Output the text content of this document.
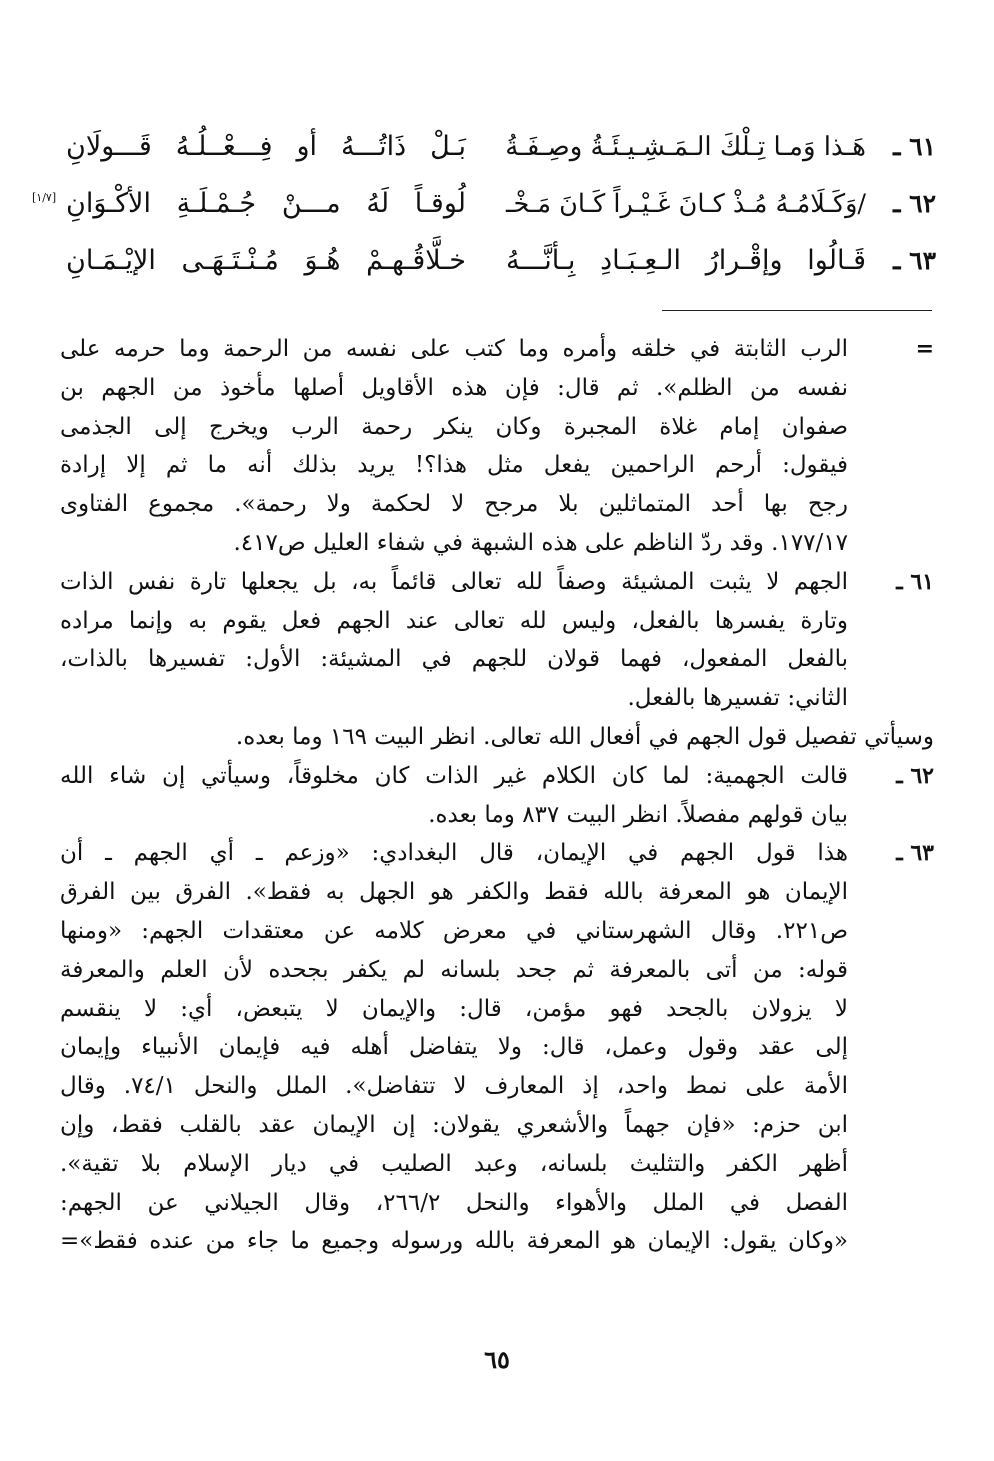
٦١ ـ
هَـذا وَمـا تِـلْكَ الـمَـشِـيـئَـةُ وصِـفَـةُ
بَـلْ ذَاتُـــهُ أو فِـــعْــلُـهُ قَـــولَانِ
٦٢ ـ
/وَكَـلَامُـهُ مُـذْ كـانَ غَـيْـراً كَـانَ مَـخْـ
لُوقـاً لَهُ مـــنْ جُـمْـلَـةِ الأكْـوَانِ
[١/٧]
٦٣ ـ
قَـالُوا وإقْـرارُ الـعِـبَـادِ بِـأنَّـــهُ
خـلَّاقُـهـمْ هُـوَ مُـنْـتَـهَـى الإيْـمَـانِ
=
الرب الثابتة في خلقه وأمره وما كتب على نفسه من الرحمة وما حرمه على
نفسه من الظلم». ثم قال: فإن هذه الأقاويل أصلها مأخوذ من الجهم بن
صفوان إمام غلاة المجبرة وكان ينكر رحمة الرب ويخرج إلى الجذمى
فيقول: أرحم الراحمين يفعل مثل هذا؟! يريد بذلك أنه ما ثم إلا إرادة
رجح بها أحد المتماثلين بلا مرجح لا لحكمة ولا رحمة». مجموع الفتاوى
١٧٧/١٧. وقد ردّ الناظم على هذه الشبهة في شفاء العليل ص٤١٧.
٦١ ـ
الجهم لا يثبت المشيئة وصفاً لله تعالى قائماً به، بل يجعلها تارة نفس الذات
وتارة يفسرها بالفعل، وليس لله تعالى عند الجهم فعل يقوم به وإنما مراده
بالفعل المفعول، فهما قولان للجهم في المشيئة: الأول: تفسيرها بالذات،
الثاني: تفسيرها بالفعل.
وسيأتي تفصيل قول الجهم في أفعال الله تعالى. انظر البيت ١٦٩ وما بعده.
٦٢ ـ
قالت الجهمية: لما كان الكلام غير الذات كان مخلوقاً، وسيأتي إن شاء الله
بيان قولهم مفصلاً. انظر البيت ٨٣٧ وما بعده.
٦٣ ـ
هذا قول الجهم في الإيمان، قال البغدادي: «وزعم ـ أي الجهم ـ أن
الإيمان هو المعرفة بالله فقط والكفر هو الجهل به فقط». الفرق بين الفرق
ص٢٢١. وقال الشهرستاني في معرض كلامه عن معتقدات الجهم: «ومنها
قوله: من أتى بالمعرفة ثم جحد بلسانه لم يكفر بجحده لأن العلم والمعرفة
لا يزولان بالجحد فهو مؤمن، قال: والإيمان لا يتبعض، أي: لا ينقسم
إلى عقد وقول وعمل، قال: ولا يتفاضل أهله فيه فإيمان الأنبياء وإيمان
الأمة على نمط واحد، إذ المعارف لا تتفاضل». الملل والنحل ٧٤/١. وقال
ابن حزم: «فإن جهماً والأشعري يقولان: إن الإيمان عقد بالقلب فقط، وإن
أظهر الكفر والتثليث بلسانه، وعبد الصليب في ديار الإسلام بلا تقية».
الفصل في الملل والأهواء والنحل ٢٦٦/٢، وقال الجيلاني عن الجهم:
«وكان يقول: الإيمان هو المعرفة بالله ورسوله وجميع ما جاء من عنده فقط»=
٦٥
